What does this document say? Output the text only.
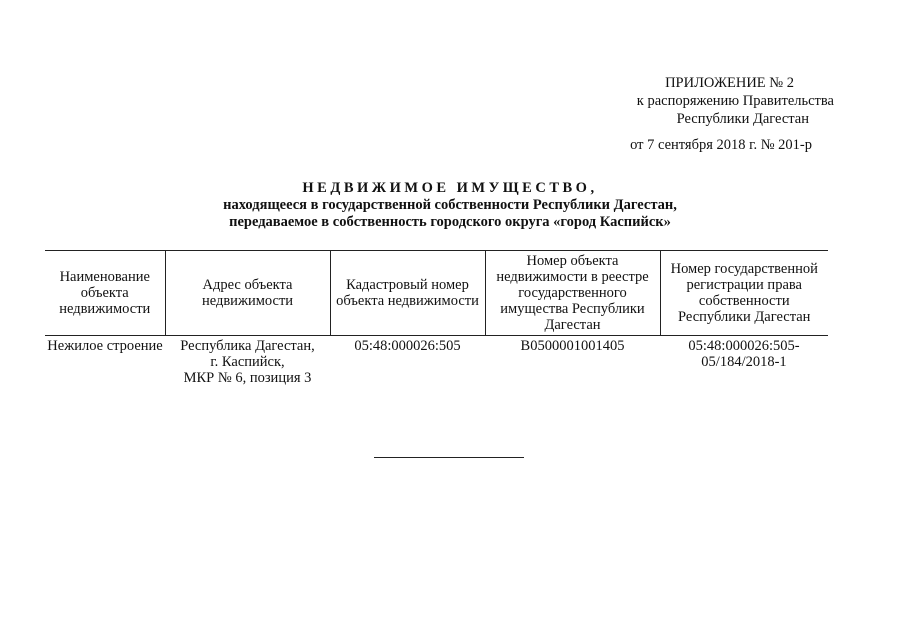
ПРИЛОЖЕНИЕ № 2
к распоряжению Правительства
Республики Дагестан
от 7 сентября 2018 г. № 201-р
НЕДВИЖИМОЕ ИМУЩЕСТВО,
находящееся в государственной собственности Республики Дагестан,
передаваемое в собственность городского округа «город Каспийск»
Наименование объекта недвижимости	Адрес объекта недвижимости	Кадастровый номер объекта недвижимости	Номер объекта недвижимости в реестре государственного имущества Республики Дагестан	Номер государственной регистрации права собственности Республики Дагестан
Нежилое строение	Республика Дагестан,
г. Каспийск,
МКР № 6, позиция 3	05:48:000026:505	В0500001001405	05:48:000026:505-05/184/2018-1
